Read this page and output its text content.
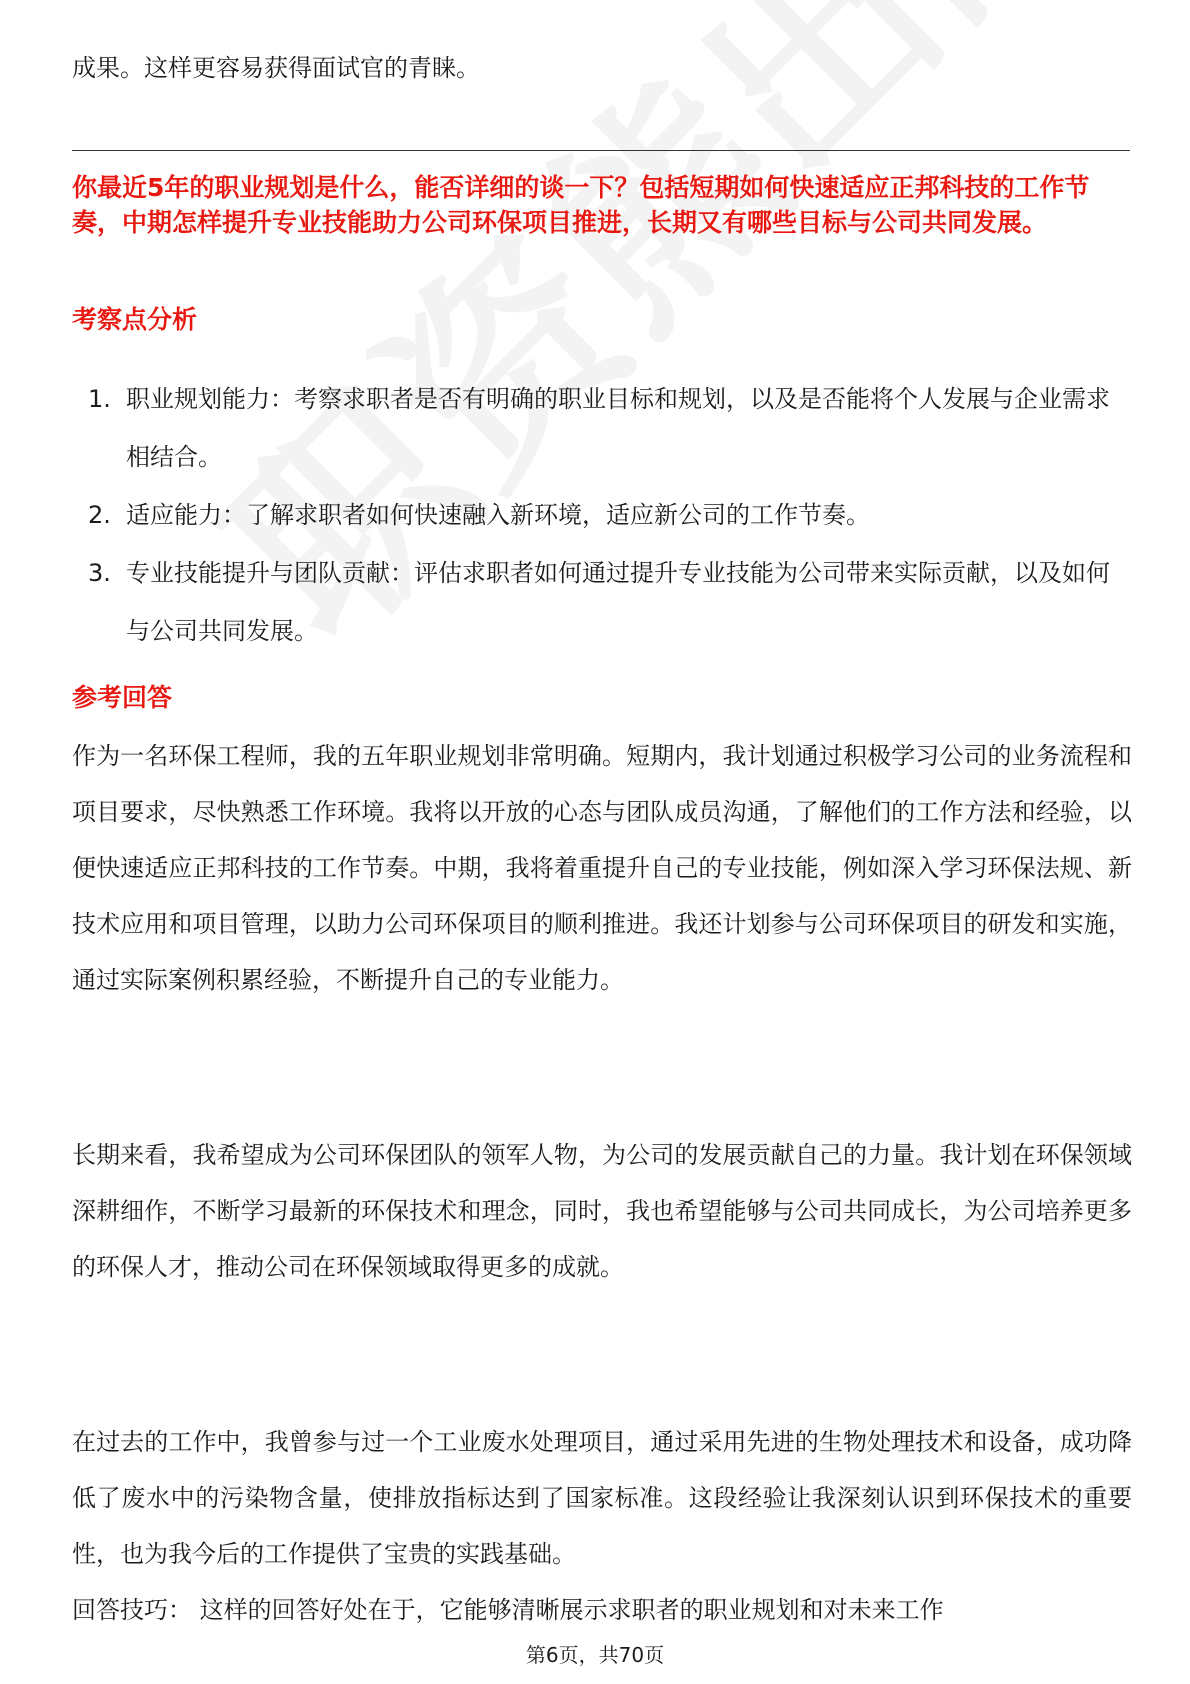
成果。这样更容易获得面试官的青睐。

你最近5年的职业规划是什么，能否详细的谈一下？包括短期如何快速适应正邦科技的工作节奏，中期怎样提升专业技能助力公司环保项目推进，长期又有哪些目标与公司共同发展。
考察点分析
1. 职业规划能力：考察求职者是否有明确的职业目标和规划，以及是否能将个人发展与企业需求相结合。
2. 适应能力：了解求职者如何快速融入新环境，适应新公司的工作节奏。
3. 专业技能提升与团队贡献：评估求职者如何通过提升专业技能为公司带来实际贡献，以及如何与公司共同发展。
参考回答

作为一名环保工程师，我的五年职业规划非常明确。短期内，我计划通过积极学习公司的业务流程和项目要求，尽快熟悉工作环境。我将以开放的心态与团队成员沟通，了解他们的工作方法和经验，以便快速适应正邦科技的工作节奏。中期，我将着重提升自己的专业技能，例如深入学习环保法规、新技术应用和项目管理，以助力公司环保项目的顺利推进。我还计划参与公司环保项目的研发和实施，通过实际案例积累经验，不断提升自己的专业能力。

长期来看，我希望成为公司环保团队的领军人物，为公司的发展贡献自己的力量。我计划在环保领域深耕细作，不断学习最新的环保技术和理念，同时，我也希望能够与公司共同成长，为公司培养更多的环保人才，推动公司在环保领域取得更多的成就。

在过去的工作中，我曾参与过一个工业废水处理项目，通过采用先进的生物处理技术和设备，成功降低了废水中的污染物含量，使排放指标达到了国家标准。这段经验让我深刻认识到环保技术的重要性，也为我今后的工作提供了宝贵的实践基础。

回答技巧： 这样的回答好处在于，它能够清晰展示求职者的职业规划和对未来工作

第6页，共70页
